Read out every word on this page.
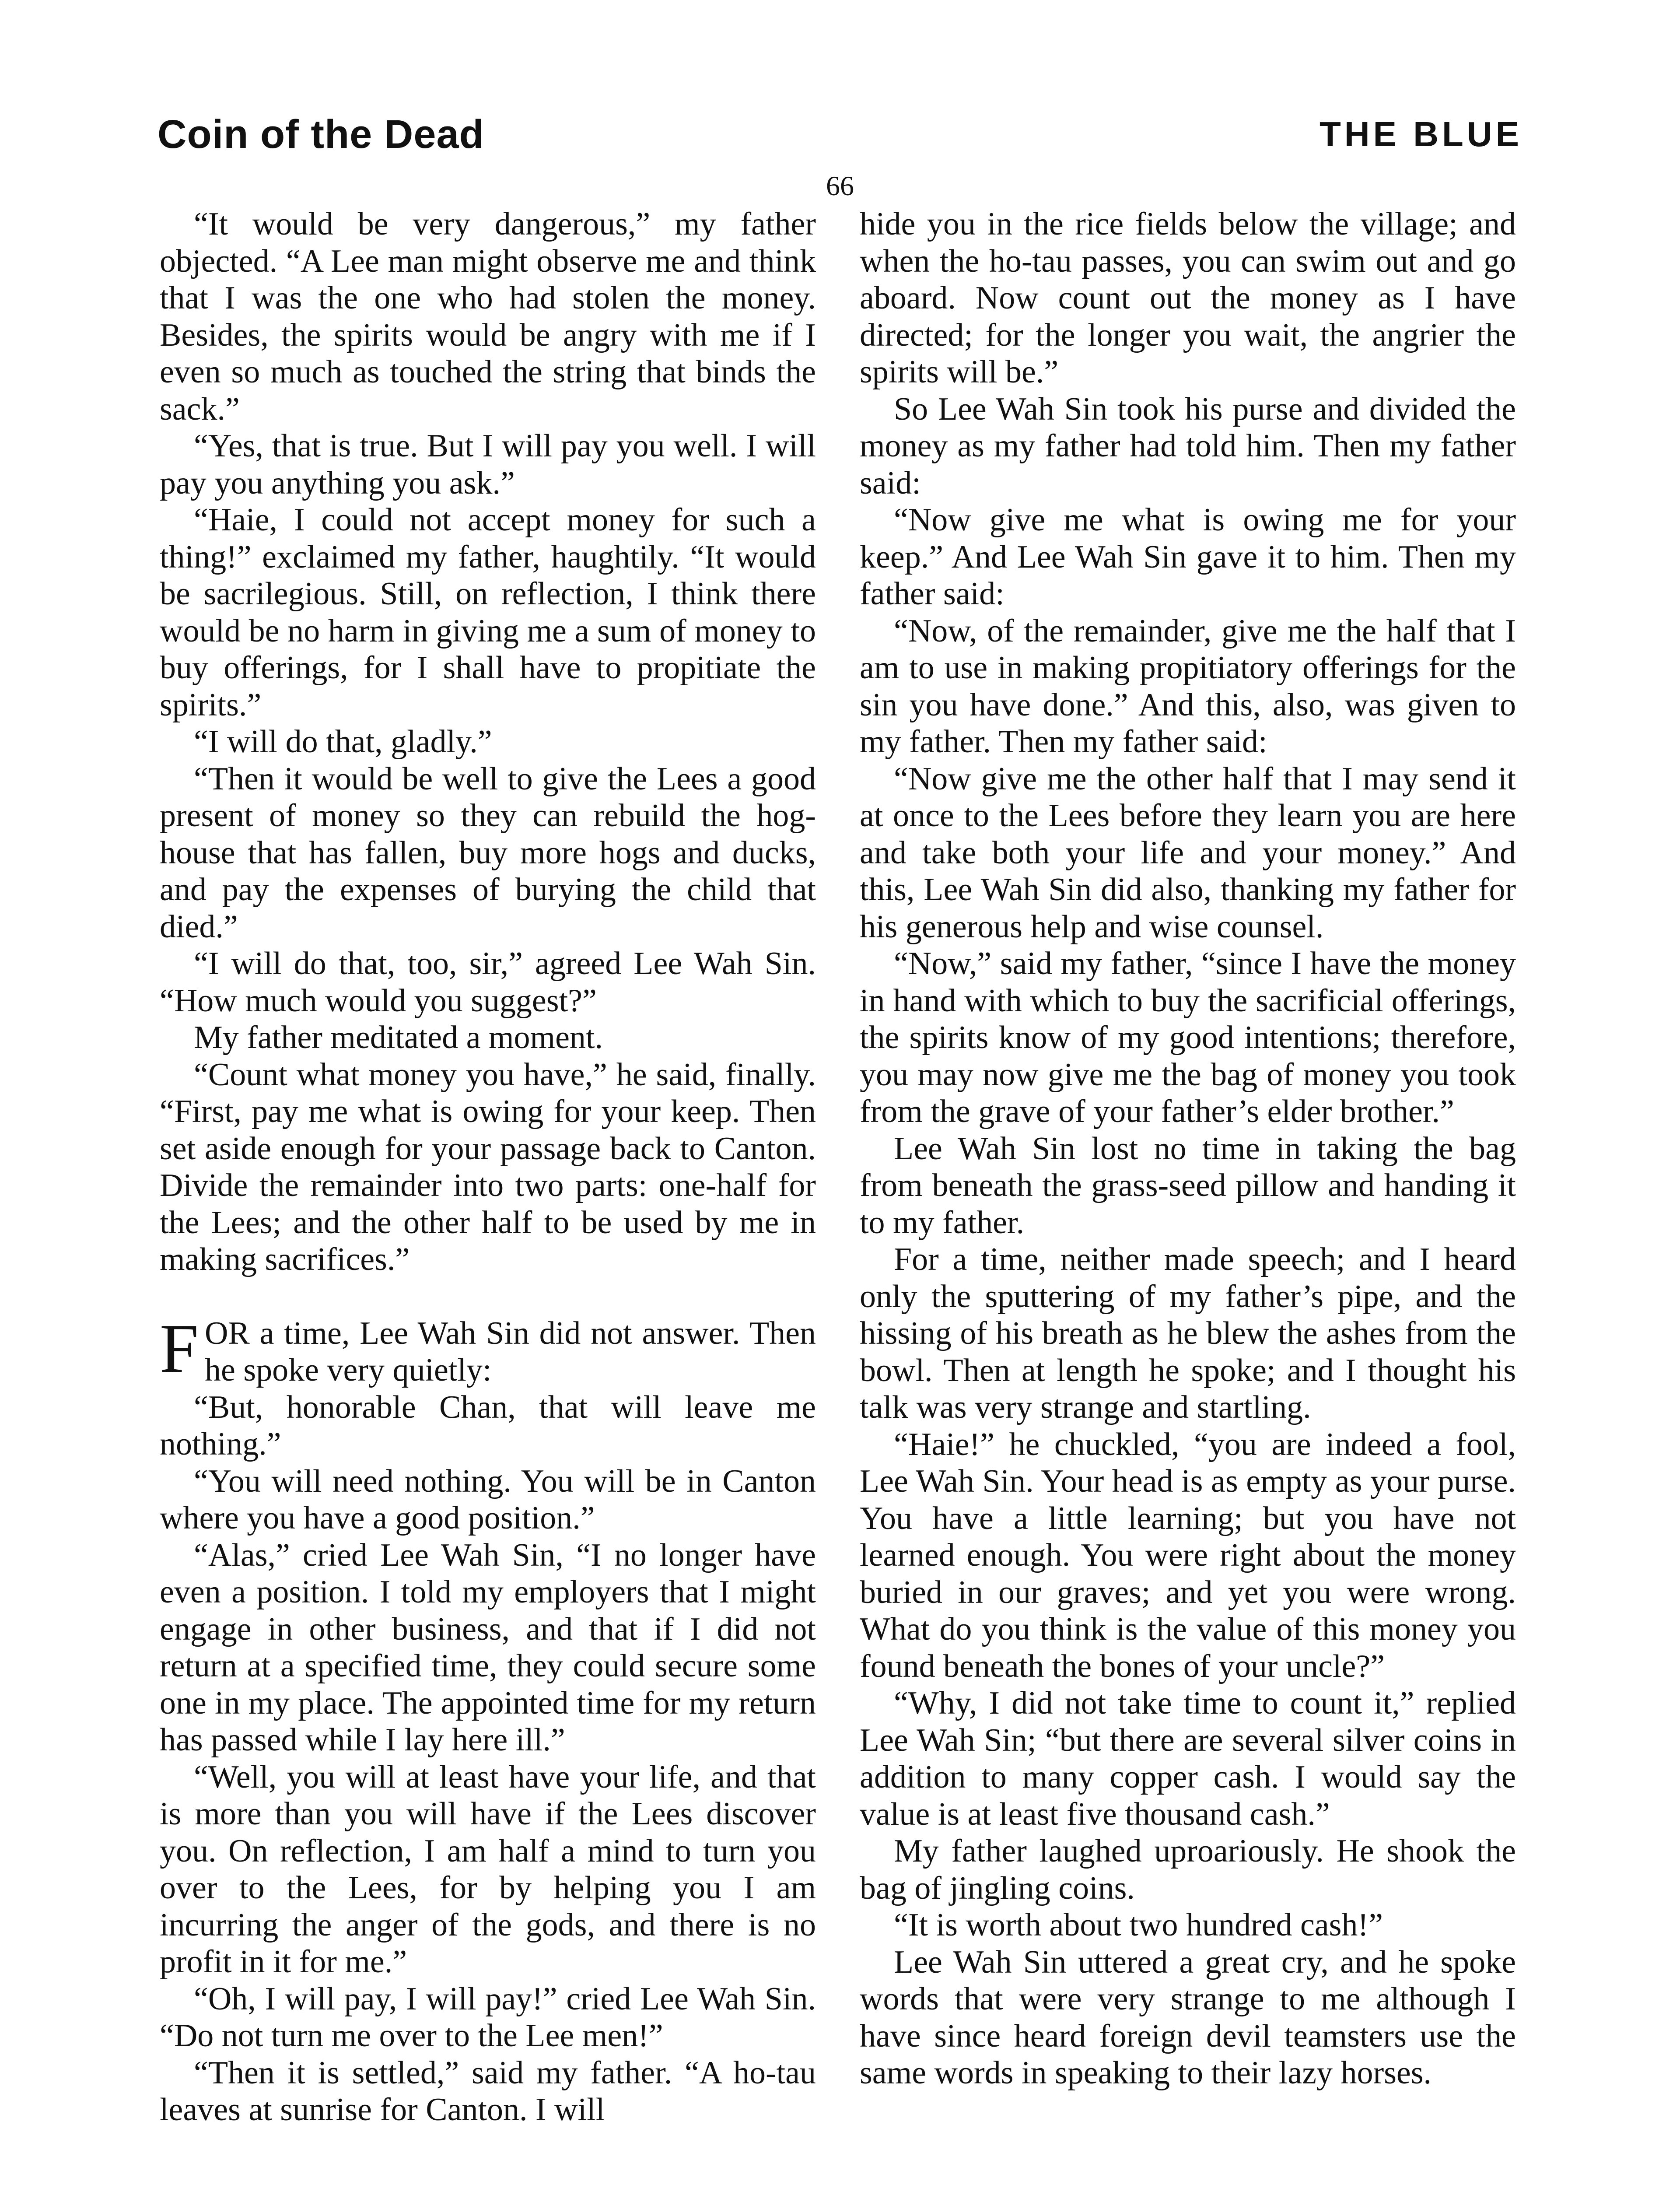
Coin of the Dead	THE BLUE
66

“It would be very dangerous,” my father objected. “A Lee man might observe me and think that I was the one who had stolen the money. Besides, the spirits would be angry with me if I even so much as touched the string that binds the sack.”

“Yes, that is true. But I will pay you well. I will pay you anything you ask.”

“Haie, I could not accept money for such a thing!” exclaimed my father, haughtily. “It would be sacrilegious. Still, on reflection, I think there would be no harm in giving me a sum of money to buy offerings, for I shall have to propitiate the spirits.”

“I will do that, gladly.”

“Then it would be well to give the Lees a good present of money so they can rebuild the hog-house that has fallen, buy more hogs and ducks, and pay the expenses of burying the child that died.”

“I will do that, too, sir,” agreed Lee Wah Sin. “How much would you suggest?”

My father meditated a moment.

“Count what money you have,” he said, finally. “First, pay me what is owing for your keep. Then set aside enough for your passage back to Canton. Divide the remainder into two parts: one-half for the Lees; and the other half to be used by me in making sacrifices.”

FOR a time, Lee Wah Sin did not answer. Then he spoke very quietly:

“But, honorable Chan, that will leave me nothing.”

“You will need nothing. You will be in Canton where you have a good position.”

“Alas,” cried Lee Wah Sin, “I no longer have even a position. I told my employers that I might engage in other business, and that if I did not return at a specified time, they could secure some one in my place. The appointed time for my return has passed while I lay here ill.”

“Well, you will at least have your life, and that is more than you will have if the Lees discover you. On reflection, I am half a mind to turn you over to the Lees, for by helping you I am incurring the anger of the gods, and there is no profit in it for me.”

“Oh, I will pay, I will pay!” cried Lee Wah Sin. “Do not turn me over to the Lee men!”

“Then it is settled,” said my father. “A ho-tau leaves at sunrise for Canton. I will

hide you in the rice fields below the village; and when the ho-tau passes, you can swim out and go aboard. Now count out the money as I have directed; for the longer you wait, the angrier the spirits will be.”

So Lee Wah Sin took his purse and divided the money as my father had told him. Then my father said:

“Now give me what is owing me for your keep.” And Lee Wah Sin gave it to him. Then my father said:

“Now, of the remainder, give me the half that I am to use in making propitiatory offerings for the sin you have done.” And this, also, was given to my father. Then my father said:

“Now give me the other half that I may send it at once to the Lees before they learn you are here and take both your life and your money.” And this, Lee Wah Sin did also, thanking my father for his generous help and wise counsel.

“Now,” said my father, “since I have the money in hand with which to buy the sacrificial offerings, the spirits know of my good intentions; therefore, you may now give me the bag of money you took from the grave of your father’s elder brother.”

Lee Wah Sin lost no time in taking the bag from beneath the grass-seed pillow and handing it to my father.

For a time, neither made speech; and I heard only the sputtering of my father’s pipe, and the hissing of his breath as he blew the ashes from the bowl. Then at length he spoke; and I thought his talk was very strange and startling.

“Haie!” he chuckled, “you are indeed a fool, Lee Wah Sin. Your head is as empty as your purse. You have a little learning; but you have not learned enough. You were right about the money buried in our graves; and yet you were wrong. What do you think is the value of this money you found beneath the bones of your uncle?”

“Why, I did not take time to count it,” replied Lee Wah Sin; “but there are several silver coins in addition to many copper cash. I would say the value is at least five thousand cash.”

My father laughed uproariously. He shook the bag of jingling coins.

“It is worth about two hundred cash!”

Lee Wah Sin uttered a great cry, and he spoke words that were very strange to me although I have since heard foreign devil teamsters use the same words in speaking to their lazy horses.
